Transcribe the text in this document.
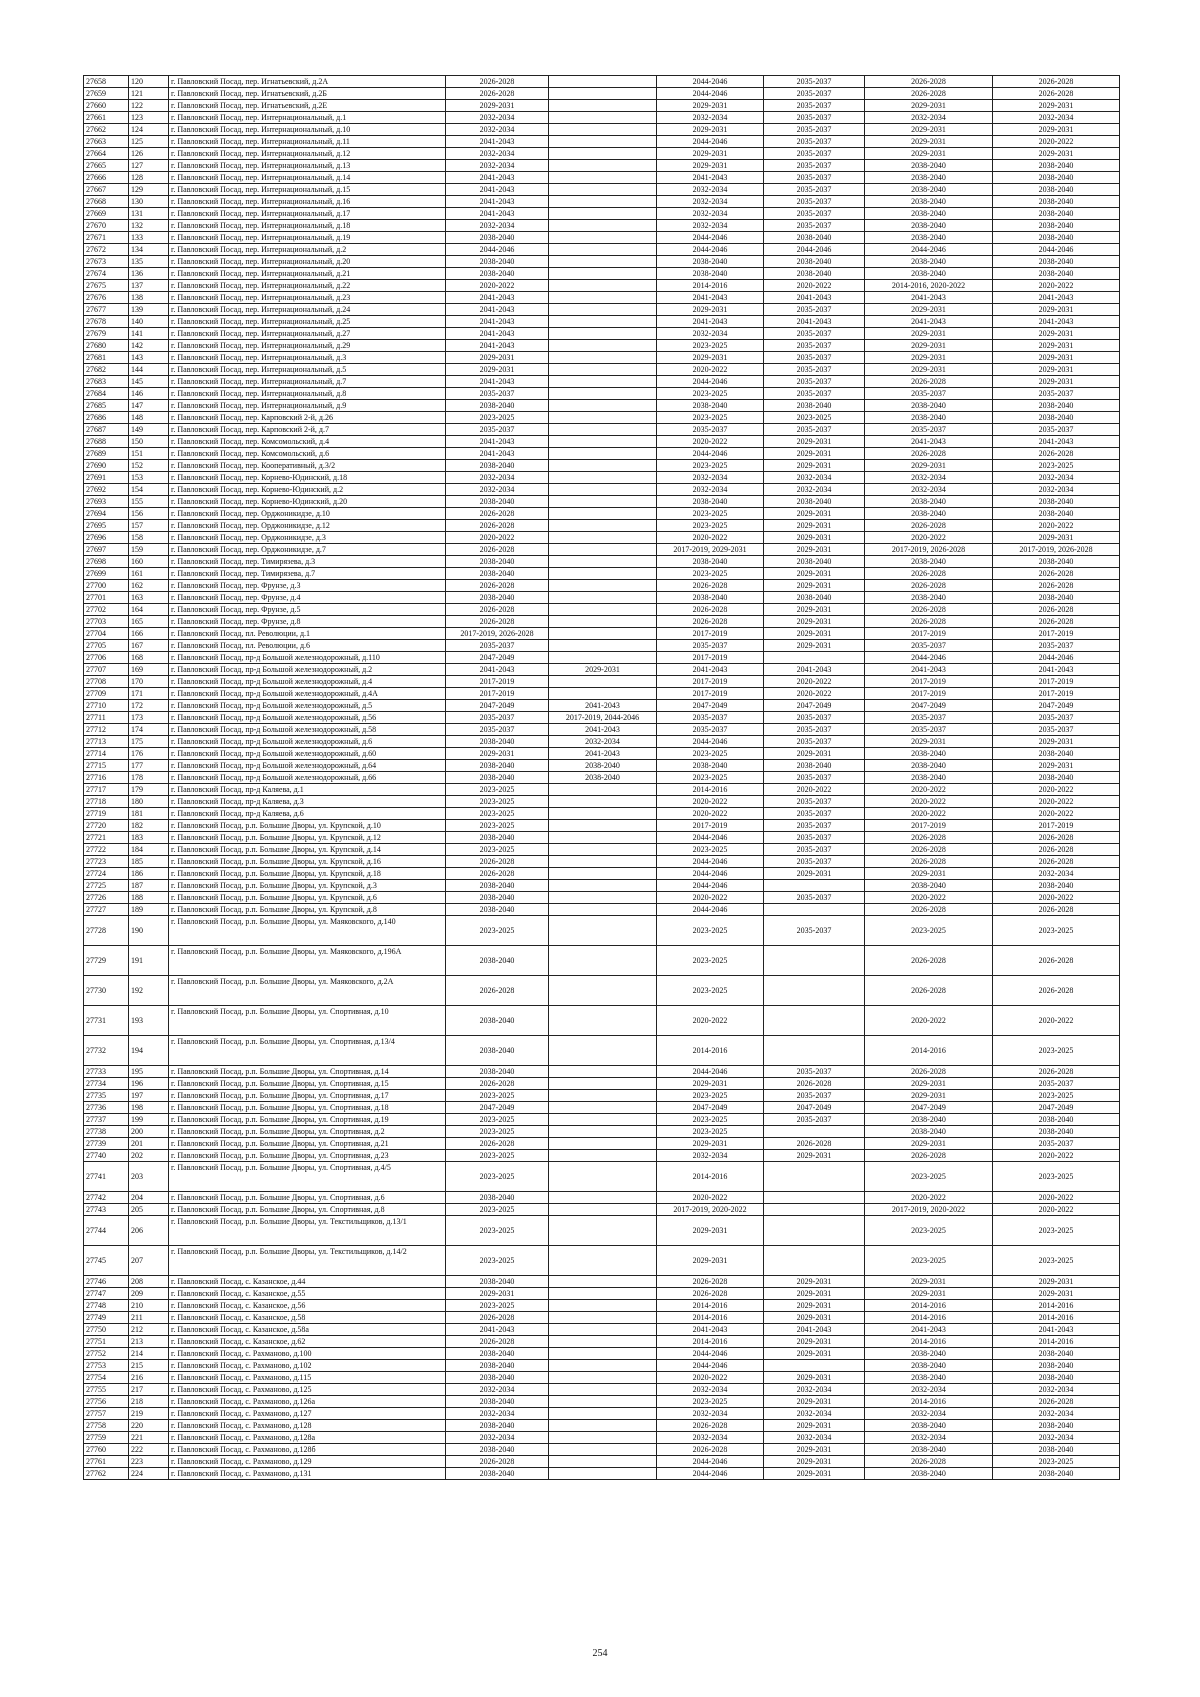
27658	120	г. Павловский Посад, пер. Игнатьевский, д.2А	2026-2028		2044-2046	2035-2037	2026-2028	2026-2028
27659	121	г. Павловский Посад, пер. Игнатьевский, д.2Б	2026-2028		2044-2046	2035-2037	2026-2028	2026-2028
27660	122	г. Павловский Посад, пер. Игнатьевский, д.2Е	2029-2031		2029-2031	2035-2037	2029-2031	2029-2031
27661	123	г. Павловский Посад, пер. Интернациональный, д.1	2032-2034		2032-2034	2035-2037	2032-2034	2032-2034
27662	124	г. Павловский Посад, пер. Интернациональный, д.10	2032-2034		2029-2031	2035-2037	2029-2031	2029-2031
27663	125	г. Павловский Посад, пер. Интернациональный, д.11	2041-2043		2044-2046	2035-2037	2029-2031	2020-2022
27664	126	г. Павловский Посад, пер. Интернациональный, д.12	2032-2034		2029-2031	2035-2037	2029-2031	2029-2031
27665	127	г. Павловский Посад, пер. Интернациональный, д.13	2032-2034		2029-2031	2035-2037	2038-2040	2038-2040
27666	128	г. Павловский Посад, пер. Интернациональный, д.14	2041-2043		2041-2043	2035-2037	2038-2040	2038-2040
27667	129	г. Павловский Посад, пер. Интернациональный, д.15	2041-2043		2032-2034	2035-2037	2038-2040	2038-2040
27668	130	г. Павловский Посад, пер. Интернациональный, д.16	2041-2043		2032-2034	2035-2037	2038-2040	2038-2040
27669	131	г. Павловский Посад, пер. Интернациональный, д.17	2041-2043		2032-2034	2035-2037	2038-2040	2038-2040
27670	132	г. Павловский Посад, пер. Интернациональный, д.18	2032-2034		2032-2034	2035-2037	2038-2040	2038-2040
27671	133	г. Павловский Посад, пер. Интернациональный, д.19	2038-2040		2044-2046	2038-2040	2038-2040	2038-2040
27672	134	г. Павловский Посад, пер. Интернациональный, д.2	2044-2046		2044-2046	2044-2046	2044-2046	2044-2046
27673	135	г. Павловский Посад, пер. Интернациональный, д.20	2038-2040		2038-2040	2038-2040	2038-2040	2038-2040
27674	136	г. Павловский Посад, пер. Интернациональный, д.21	2038-2040		2038-2040	2038-2040	2038-2040	2038-2040
27675	137	г. Павловский Посад, пер. Интернациональный, д.22	2020-2022		2014-2016	2020-2022	2014-2016, 2020-2022	2020-2022
27676	138	г. Павловский Посад, пер. Интернациональный, д.23	2041-2043		2041-2043	2041-2043	2041-2043	2041-2043
27677	139	г. Павловский Посад, пер. Интернациональный, д.24	2041-2043		2029-2031	2035-2037	2029-2031	2029-2031
27678	140	г. Павловский Посад, пер. Интернациональный, д.25	2041-2043		2041-2043	2041-2043	2041-2043	2041-2043
27679	141	г. Павловский Посад, пер. Интернациональный, д.27	2041-2043		2032-2034	2035-2037	2029-2031	2029-2031
27680	142	г. Павловский Посад, пер. Интернациональный, д.29	2041-2043		2023-2025	2035-2037	2029-2031	2029-2031
27681	143	г. Павловский Посад, пер. Интернациональный, д.3	2029-2031		2029-2031	2035-2037	2029-2031	2029-2031
27682	144	г. Павловский Посад, пер. Интернациональный, д.5	2029-2031		2020-2022	2035-2037	2029-2031	2029-2031
27683	145	г. Павловский Посад, пер. Интернациональный, д.7	2041-2043		2044-2046	2035-2037	2026-2028	2029-2031
27684	146	г. Павловский Посад, пер. Интернациональный, д.8	2035-2037		2023-2025	2035-2037	2035-2037	2035-2037
27685	147	г. Павловский Посад, пер. Интернациональный, д.9	2038-2040		2038-2040	2038-2040	2038-2040	2038-2040
27686	148	г. Павловский Посад, пер. Карповский 2-й, д.26	2023-2025		2023-2025	2023-2025	2038-2040	2038-2040
27687	149	г. Павловский Посад, пер. Карповский 2-й, д.7	2035-2037		2035-2037	2035-2037	2035-2037	2035-2037
27688	150	г. Павловский Посад, пер. Комсомольский, д.4	2041-2043		2020-2022	2029-2031	2041-2043	2041-2043
27689	151	г. Павловский Посад, пер. Комсомольский, д.6	2041-2043		2044-2046	2029-2031	2026-2028	2026-2028
27690	152	г. Павловский Посад, пер. Кооперативный, д.3/2	2038-2040		2023-2025	2029-2031	2029-2031	2023-2025
27691	153	г. Павловский Посад, пер. Корнево-Юдинский, д.18	2032-2034		2032-2034	2032-2034	2032-2034	2032-2034
27692	154	г. Павловский Посад, пер. Корнево-Юдинский, д.2	2032-2034		2032-2034	2032-2034	2032-2034	2032-2034
27693	155	г. Павловский Посад, пер. Корнево-Юдинский, д.20	2038-2040		2038-2040	2038-2040	2038-2040	2038-2040
27694	156	г. Павловский Посад, пер. Орджоникидзе, д.10	2026-2028		2023-2025	2029-2031	2038-2040	2038-2040
27695	157	г. Павловский Посад, пер. Орджоникидзе, д.12	2026-2028		2023-2025	2029-2031	2026-2028	2020-2022
27696	158	г. Павловский Посад, пер. Орджоникидзе, д.3	2020-2022		2020-2022	2029-2031	2020-2022	2029-2031
27697	159	г. Павловский Посад, пер. Орджоникидзе, д.7	2026-2028		2017-2019, 2029-2031	2029-2031	2017-2019, 2026-2028	2017-2019, 2026-2028
27698	160	г. Павловский Посад, пер. Тимирязева, д.3	2038-2040		2038-2040	2038-2040	2038-2040	2038-2040
27699	161	г. Павловский Посад, пер. Тимирязева, д.7	2038-2040		2023-2025	2029-2031	2026-2028	2026-2028
27700	162	г. Павловский Посад, пер. Фрунзе, д.3	2026-2028		2026-2028	2029-2031	2026-2028	2026-2028
27701	163	г. Павловский Посад, пер. Фрунзе, д.4	2038-2040		2038-2040	2038-2040	2038-2040	2038-2040
27702	164	г. Павловский Посад, пер. Фрунзе, д.5	2026-2028		2026-2028	2029-2031	2026-2028	2026-2028
27703	165	г. Павловский Посад, пер. Фрунзе, д.8	2026-2028		2026-2028	2029-2031	2026-2028	2026-2028
27704	166	г. Павловский Посад, пл. Революции, д.1	2017-2019, 2026-2028		2017-2019	2029-2031	2017-2019	2017-2019
27705	167	г. Павловский Посад, пл. Революции, д.6	2035-2037		2035-2037	2029-2031	2035-2037	2035-2037
27706	168	г. Павловский Посад, пр-д Большой железнодорожный, д.110	2047-2049		2017-2019		2044-2046	2044-2046
27707	169	г. Павловский Посад, пр-д Большой железнодорожный, д.2	2041-2043	2029-2031	2041-2043	2041-2043	2041-2043	2041-2043
27708	170	г. Павловский Посад, пр-д Большой железнодорожный, д.4	2017-2019		2017-2019	2020-2022	2017-2019	2017-2019
27709	171	г. Павловский Посад, пр-д Большой железнодорожный, д.4А	2017-2019		2017-2019	2020-2022	2017-2019	2017-2019
27710	172	г. Павловский Посад, пр-д Большой железнодорожный, д.5	2047-2049	2041-2043	2047-2049	2047-2049	2047-2049	2047-2049
27711	173	г. Павловский Посад, пр-д Большой железнодорожный, д.56	2035-2037	2017-2019, 2044-2046	2035-2037	2035-2037	2035-2037	2035-2037
27712	174	г. Павловский Посад, пр-д Большой железнодорожный, д.58	2035-2037	2041-2043	2035-2037	2035-2037	2035-2037	2035-2037
27713	175	г. Павловский Посад, пр-д Большой железнодорожный, д.6	2038-2040	2032-2034	2044-2046	2035-2037	2029-2031	2029-2031
27714	176	г. Павловский Посад, пр-д Большой железнодорожный, д.60	2029-2031	2041-2043	2023-2025	2029-2031	2038-2040	2038-2040
27715	177	г. Павловский Посад, пр-д Большой железнодорожный, д.64	2038-2040	2038-2040	2038-2040	2038-2040	2038-2040	2029-2031
27716	178	г. Павловский Посад, пр-д Большой железнодорожный, д.66	2038-2040	2038-2040	2023-2025	2035-2037	2038-2040	2038-2040
27717	179	г. Павловский Посад, пр-д Каляева, д.1	2023-2025		2014-2016	2020-2022	2020-2022	2020-2022
27718	180	г. Павловский Посад, пр-д Каляева, д.3	2023-2025		2020-2022	2035-2037	2020-2022	2020-2022
27719	181	г. Павловский Посад, пр-д Каляева, д.6	2023-2025		2020-2022	2035-2037	2020-2022	2020-2022
27720	182	г. Павловский Посад, р.п. Большие Дворы, ул. Крупской, д.10	2023-2025		2017-2019	2035-2037	2017-2019	2017-2019
27721	183	г. Павловский Посад, р.п. Большие Дворы, ул. Крупской, д.12	2038-2040		2044-2046	2035-2037	2026-2028	2026-2028
27722	184	г. Павловский Посад, р.п. Большие Дворы, ул. Крупской, д.14	2023-2025		2023-2025	2035-2037	2026-2028	2026-2028
27723	185	г. Павловский Посад, р.п. Большие Дворы, ул. Крупской, д.16	2026-2028		2044-2046	2035-2037	2026-2028	2026-2028
27724	186	г. Павловский Посад, р.п. Большие Дворы, ул. Крупской, д.18	2026-2028		2044-2046	2029-2031	2029-2031	2032-2034
27725	187	г. Павловский Посад, р.п. Большие Дворы, ул. Крупской, д.3	2038-2040		2044-2046		2038-2040	2038-2040
27726	188	г. Павловский Посад, р.п. Большие Дворы, ул. Крупской, д.6	2038-2040		2020-2022	2035-2037	2020-2022	2020-2022
27727	189	г. Павловский Посад, р.п. Большие Дворы, ул. Крупской, д.8	2038-2040		2044-2046		2026-2028	2026-2028
27728	190	г. Павловский Посад, р.п. Большие Дворы, ул. Маяковского, д.140	2023-2025		2023-2025	2035-2037	2023-2025	2023-2025
27729	191	г. Павловский Посад, р.п. Большие Дворы, ул. Маяковского, д.196А	2038-2040		2023-2025		2026-2028	2026-2028
27730	192	г. Павловский Посад, р.п. Большие Дворы, ул. Маяковского, д.2А	2026-2028		2023-2025		2026-2028	2026-2028
27731	193	г. Павловский Посад, р.п. Большие Дворы, ул. Спортивная, д.10	2038-2040		2020-2022		2020-2022	2020-2022
27732	194	г. Павловский Посад, р.п. Большие Дворы, ул. Спортивная, д.13/4	2038-2040		2014-2016		2014-2016	2023-2025
27733	195	г. Павловский Посад, р.п. Большие Дворы, ул. Спортивная, д.14	2038-2040		2044-2046	2035-2037	2026-2028	2026-2028
27734	196	г. Павловский Посад, р.п. Большие Дворы, ул. Спортивная, д.15	2026-2028		2029-2031	2026-2028	2029-2031	2035-2037
27735	197	г. Павловский Посад, р.п. Большие Дворы, ул. Спортивная, д.17	2023-2025		2023-2025	2035-2037	2029-2031	2023-2025
27736	198	г. Павловский Посад, р.п. Большие Дворы, ул. Спортивная, д.18	2047-2049		2047-2049	2047-2049	2047-2049	2047-2049
27737	199	г. Павловский Посад, р.п. Большие Дворы, ул. Спортивная, д.19	2023-2025		2023-2025	2035-2037	2038-2040	2038-2040
27738	200	г. Павловский Посад, р.п. Большие Дворы, ул. Спортивная, д.2	2023-2025		2023-2025		2038-2040	2038-2040
27739	201	г. Павловский Посад, р.п. Большие Дворы, ул. Спортивная, д.21	2026-2028		2029-2031	2026-2028	2029-2031	2035-2037
27740	202	г. Павловский Посад, р.п. Большие Дворы, ул. Спортивная, д.23	2023-2025		2032-2034	2029-2031	2026-2028	2020-2022
27741	203	г. Павловский Посад, р.п. Большие Дворы, ул. Спортивная, д.4/5	2023-2025		2014-2016		2023-2025	2023-2025
27742	204	г. Павловский Посад, р.п. Большие Дворы, ул. Спортивная, д.6	2038-2040		2020-2022		2020-2022	2020-2022
27743	205	г. Павловский Посад, р.п. Большие Дворы, ул. Спортивная, д.8	2023-2025		2017-2019, 2020-2022		2017-2019, 2020-2022	2020-2022
27744	206	г. Павловский Посад, р.п. Большие Дворы, ул. Текстильщиков, д.13/1	2023-2025		2029-2031		2023-2025	2023-2025
27745	207	г. Павловский Посад, р.п. Большие Дворы, ул. Текстильщиков, д.14/2	2023-2025		2029-2031		2023-2025	2023-2025
27746	208	г. Павловский Посад, с. Казанское, д.44	2038-2040		2026-2028	2029-2031	2029-2031	2029-2031
27747	209	г. Павловский Посад, с. Казанское, д.55	2029-2031		2026-2028	2029-2031	2029-2031	2029-2031
27748	210	г. Павловский Посад, с. Казанское, д.56	2023-2025		2014-2016	2029-2031	2014-2016	2014-2016
27749	211	г. Павловский Посад, с. Казанское, д.58	2026-2028		2014-2016	2029-2031	2014-2016	2014-2016
27750	212	г. Павловский Посад, с. Казанское, д.58а	2041-2043		2041-2043	2041-2043	2041-2043	2041-2043
27751	213	г. Павловский Посад, с. Казанское, д.62	2026-2028		2014-2016	2029-2031	2014-2016	2014-2016
27752	214	г. Павловский Посад, с. Рахманово, д.100	2038-2040		2044-2046	2029-2031	2038-2040	2038-2040
27753	215	г. Павловский Посад, с. Рахманово, д.102	2038-2040		2044-2046		2038-2040	2038-2040
27754	216	г. Павловский Посад, с. Рахманово, д.115	2038-2040		2020-2022	2029-2031	2038-2040	2038-2040
27755	217	г. Павловский Посад, с. Рахманово, д.125	2032-2034		2032-2034	2032-2034	2032-2034	2032-2034
27756	218	г. Павловский Посад, с. Рахманово, д.126а	2038-2040		2023-2025	2029-2031	2014-2016	2026-2028
27757	219	г. Павловский Посад, с. Рахманово, д.127	2032-2034		2032-2034	2032-2034	2032-2034	2032-2034
27758	220	г. Павловский Посад, с. Рахманово, д.128	2038-2040		2026-2028	2029-2031	2038-2040	2038-2040
27759	221	г. Павловский Посад, с. Рахманово, д.128а	2032-2034		2032-2034	2032-2034	2032-2034	2032-2034
27760	222	г. Павловский Посад, с. Рахманово, д.128б	2038-2040		2026-2028	2029-2031	2038-2040	2038-2040
27761	223	г. Павловский Посад, с. Рахманово, д.129	2026-2028		2044-2046	2029-2031	2026-2028	2023-2025
27762	224	г. Павловский Посад, с. Рахманово, д.131	2038-2040		2044-2046	2029-2031	2038-2040	2038-2040
254
